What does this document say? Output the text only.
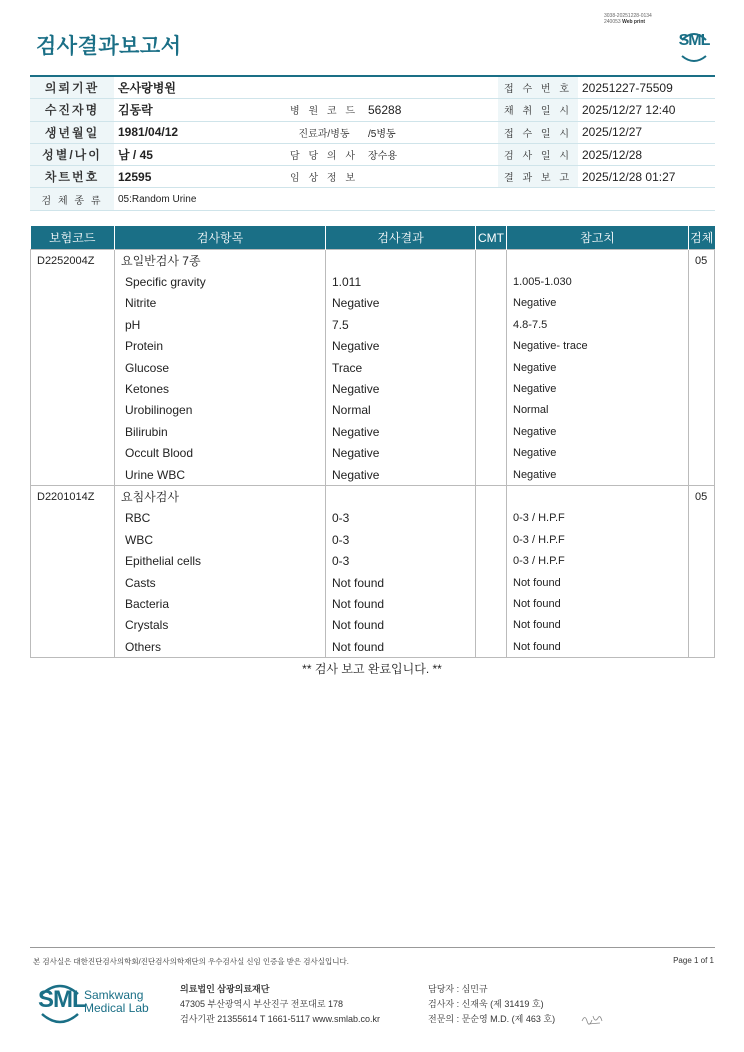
검사결과보고서
3038-20251228-0134
240053 Web print
SML
의뢰기관	온사랑병원			접 수 번 호	20251227-75509
수진자명	김동락	병 원 코 드	56288	채 취 일 시	2025/12/27 12:40
생년월일	1981/04/12	진료과/병동	/5병동	접 수 일 시	2025/12/27
성별/나이	남 / 45	담 당 의 사	장수용	검 사 일 시	2025/12/28
차트번호	12595	임 상 정 보		결 과 보 고	2025/12/28 01:27
검 체 종 류	05:Random Urine				
보험코드	검사항목	검사결과	CMT	참고치	검체
D2252004Z	요일반검사 7종				05
	Specific gravity	1.011		1.005-1.030	
	Nitrite	Negative		Negative	
	pH	7.5		4.8-7.5	
	Protein	Negative		Negative- trace	
	Glucose	Trace		Negative	
	Ketones	Negative		Negative	
	Urobilinogen	Normal		Normal	
	Bilirubin	Negative		Negative	
	Occult Blood	Negative		Negative	
	Urine WBC	Negative		Negative	
D2201014Z	요침사검사				05
	RBC	0-3		0-3 / H.P.F	
	WBC	0-3		0-3 / H.P.F	
	Epithelial cells	0-3		0-3 / H.P.F	
	Casts	Not found		Not found	
	Bacteria	Not found		Not found	
	Crystals	Not found		Not found	
	Others	Not found		Not found	
** 검사 보고 완료입니다. **
본 검사실은 대한진단검사의학회/진단검사의학재단의 우수검사실 신임 인증을 받은 검사실입니다.	Page 1 of 1
SML
Samkwang
Medical Lab
의료법인 삼광의료재단
47305 부산광역시 부산진구 전포대로 178
검사기관 21355614 T 1661-5117 www.smlab.co.kr
담당자 : 심민규
검사자 : 신재욱 (제 31419 호)
전문의 : 문순영 M.D. (제 463 호)
